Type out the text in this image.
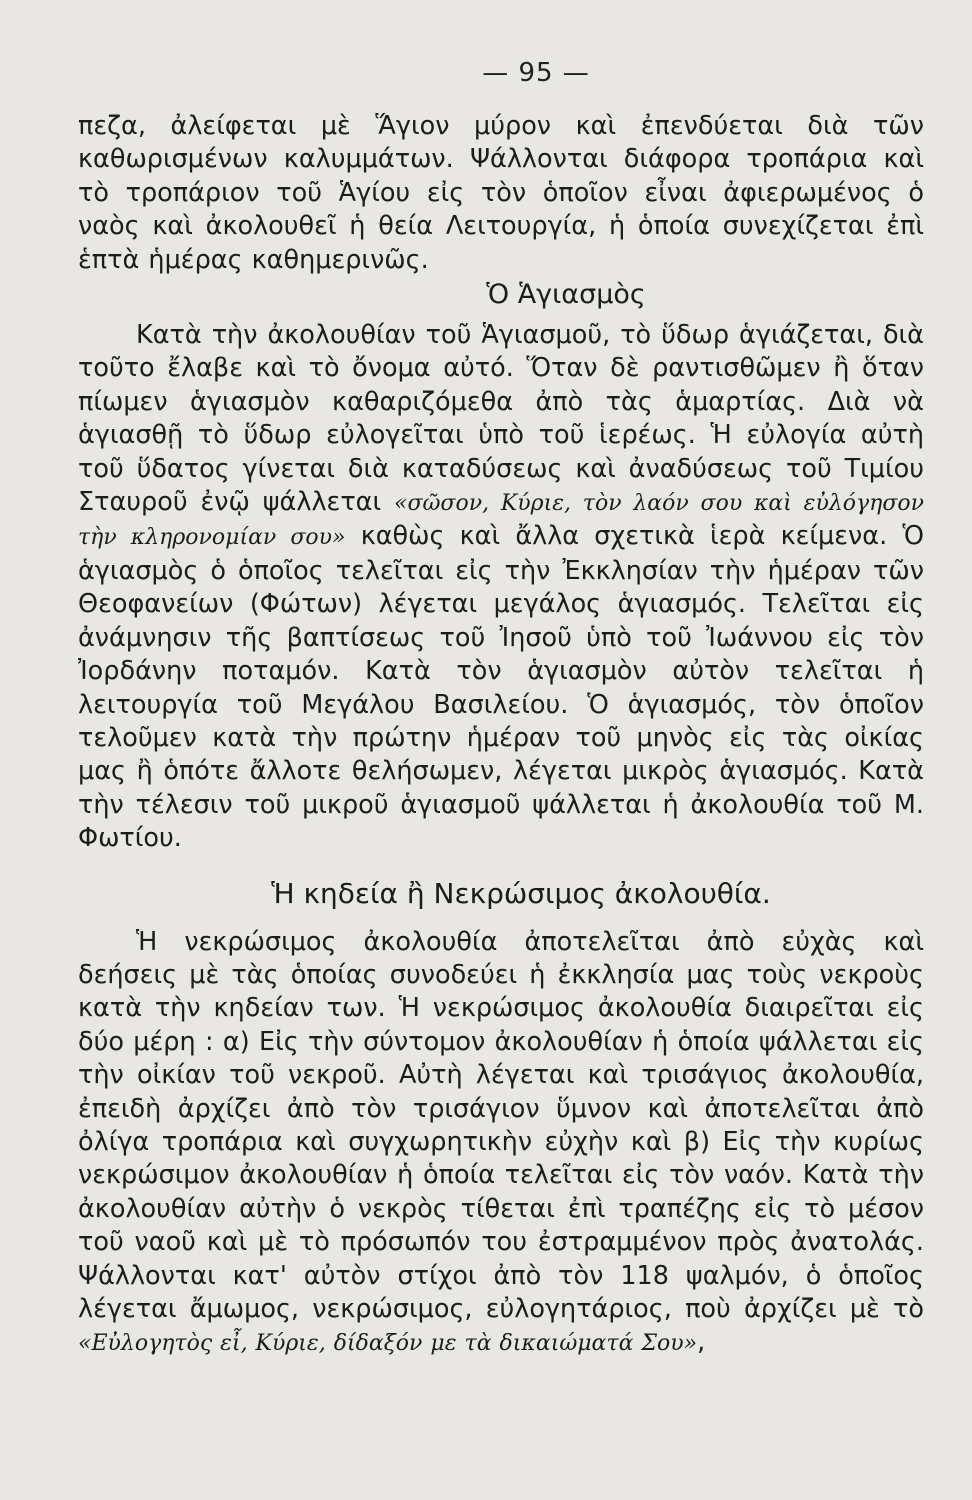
— 95 —

πεζα, ἀλείφεται μὲ Ἅγιον μύρον καὶ ἐπενδύεται διὰ τῶν καθωρισμένων καλυμμάτων. Ψάλλονται διάφορα τροπάρια καὶ τὸ τροπάριον τοῦ Ἁγίου εἰς τὸν ὁποῖον εἶναι ἀφιερωμένος ὁ ναὸς καὶ ἀκολουθεῖ ἡ θεία Λειτουργία, ἡ ὁποία συνεχίζεται ἐπὶ ἑπτὰ ἡμέρας καθημερινῶς.

Ὁ Ἁγιασμὸς

Κατὰ τὴν ἀκολουθίαν τοῦ Ἁγιασμοῦ, τὸ ὕδωρ ἁγιάζεται, διὰ τοῦτο ἔλαβε καὶ τὸ ὄνομα αὐτό. Ὅταν δὲ ραντισθῶμεν ἢ ὅταν πίωμεν ἁγιασμὸν καθαριζόμεθα ἀπὸ τὰς ἁμαρτίας. Διὰ νὰ ἁγιασθῇ τὸ ὕδωρ εὐλογεῖται ὑπὸ τοῦ ἱερέως. Ἡ εὐλογία αὐτὴ τοῦ ὕδατος γίνεται διὰ καταδύσεως καὶ ἀναδύσεως τοῦ Τιμίου Σταυροῦ ἐνῷ ψάλλεται «σῶσον, Κύριε, τὸν λαόν σου καὶ εὐλόγησον τὴν κληρονομίαν σου» καθὼς καὶ ἄλλα σχετικὰ ἱερὰ κείμενα. Ὁ ἁγιασμὸς ὁ ὁποῖος τελεῖται εἰς τὴν Ἐκκλησίαν τὴν ἡμέραν τῶν Θεοφανείων (Φώτων) λέγεται μεγάλος ἁγιασμός. Τελεῖται εἰς ἀνάμνησιν τῆς βαπτίσεως τοῦ Ἰησοῦ ὑπὸ τοῦ Ἰωάννου εἰς τὸν Ἰορδάνην ποταμόν. Κατὰ τὸν ἁγιασμὸν αὐτὸν τελεῖται ἡ λειτουργία τοῦ Μεγάλου Βασιλείου. Ὁ ἁγιασμός, τὸν ὁποῖον τελοῦμεν κατὰ τὴν πρώτην ἡμέραν τοῦ μηνὸς εἰς τὰς οἰκίας μας ἢ ὁπότε ἄλλοτε θελήσωμεν, λέγεται μικρὸς ἁγιασμός. Κατὰ τὴν τέλεσιν τοῦ μικροῦ ἁγιασμοῦ ψάλλεται ἡ ἀκολουθία τοῦ Μ. Φωτίου.

Ἡ κηδεία ἢ Νεκρώσιμος ἀκολουθία.

Ἡ νεκρώσιμος ἀκολουθία ἀποτελεῖται ἀπὸ εὐχὰς καὶ δεήσεις μὲ τὰς ὁποίας συνοδεύει ἡ ἐκκλησία μας τοὺς νεκροὺς κατὰ τὴν κηδείαν των. Ἡ νεκρώσιμος ἀκολουθία διαιρεῖται εἰς δύο μέρη : α) Εἰς τὴν σύντομον ἀκολουθίαν ἡ ὁποία ψάλλεται εἰς τὴν οἰκίαν τοῦ νεκροῦ. Αὐτὴ λέγεται καὶ τρισάγιος ἀκολουθία, ἐπειδὴ ἀρχίζει ἀπὸ τὸν τρισάγιον ὕμνον καὶ ἀποτελεῖται ἀπὸ ὀλίγα τροπάρια καὶ συγχωρητικὴν εὐχὴν καὶ β) Εἰς τὴν κυρίως νεκρώσιμον ἀκολουθίαν ἡ ὁποία τελεῖται εἰς τὸν ναόν. Κατὰ τὴν ἀκολουθίαν αὐτὴν ὁ νεκρὸς τίθεται ἐπὶ τραπέζης εἰς τὸ μέσον τοῦ ναοῦ καὶ μὲ τὸ πρόσωπόν του ἐστραμμένον πρὸς ἀνατολάς. Ψάλλονται κατ' αὐτὸν στίχοι ἀπὸ τὸν 118 ψαλμόν, ὁ ὁποῖος λέγεται ἄμωμος, νεκρώσιμος, εὐλογητάριος, ποὺ ἀρχίζει μὲ τὸ «Εὐλογητὸς εἶ, Κύριε, δίδαξόν με τὰ δικαιώματά Σου»,
